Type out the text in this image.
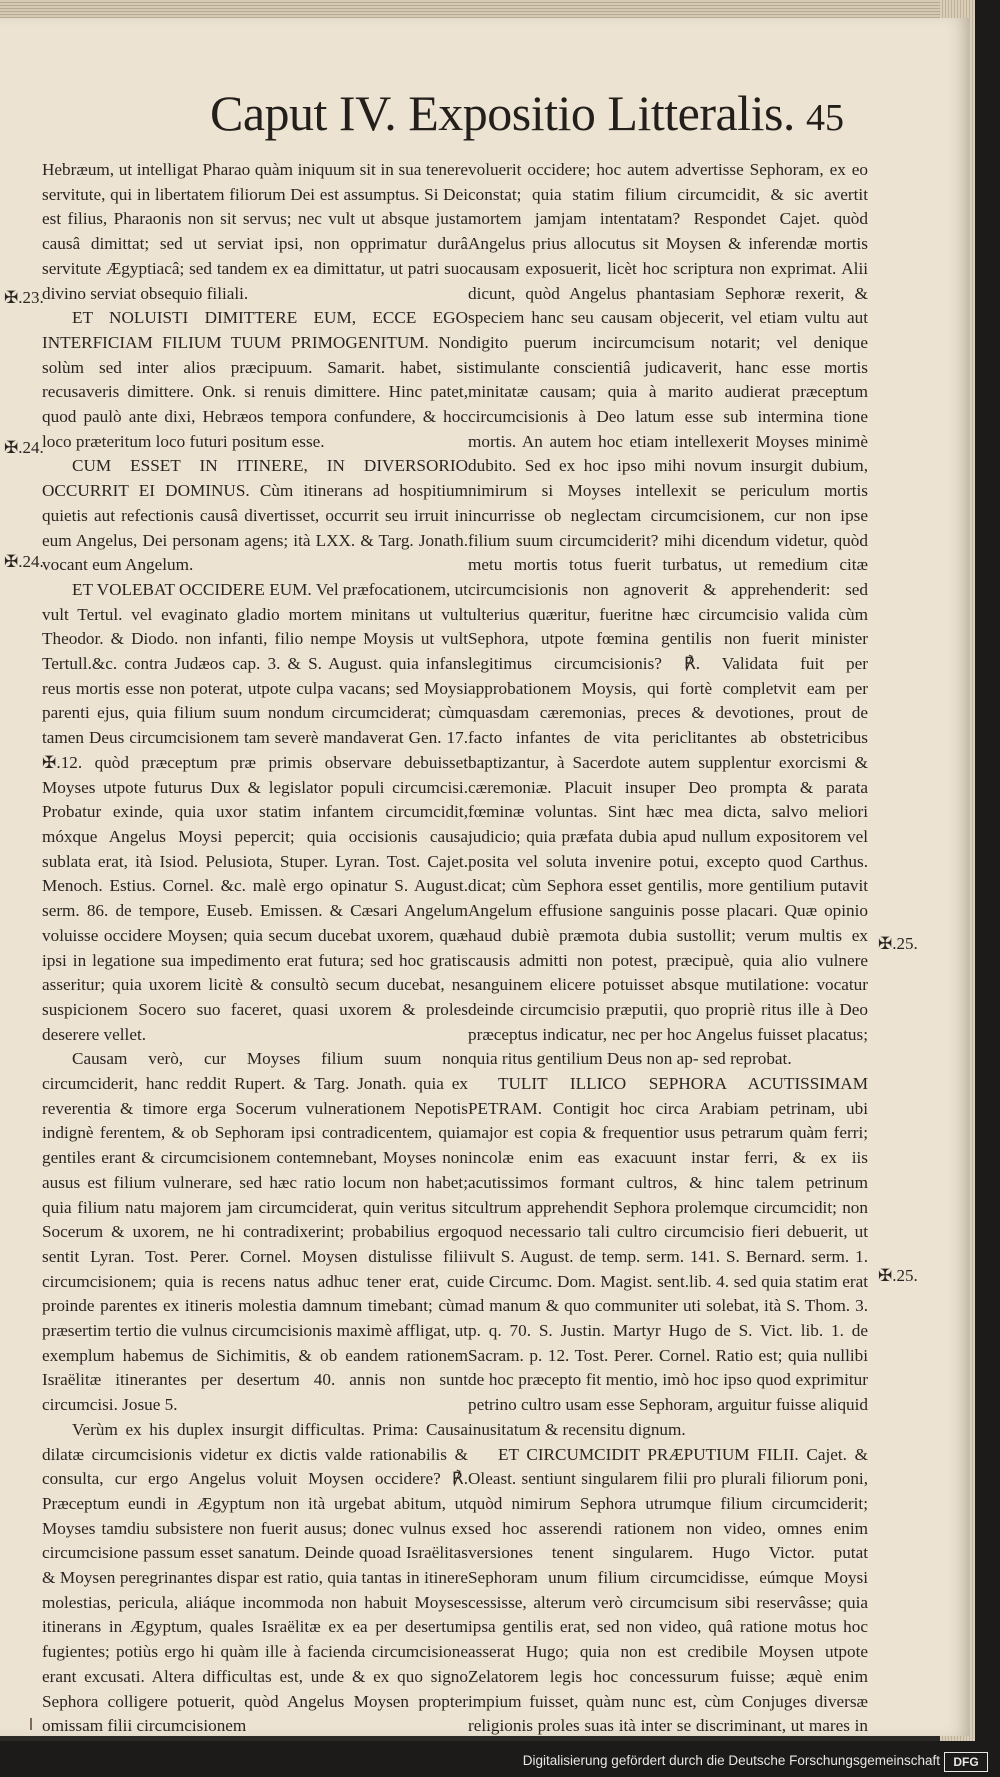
Caput IV. Expositio Litteralis. 45

Hebræum, ut intelligat Pharao quàm iniquum sit in sua tenere servitute, qui in libertatem filiorum Dei est assumptus. Si Dei est filius, Pharaonis non sit servus; nec vult ut absque justa causâ dimittat; sed ut serviat ipsi, non opprimatur durâ servitute Ægyptiacâ; sed tandem ex ea dimittatur, ut patri suo divino serviat obsequio filiali.

ET NOLUISTI DIMITTERE EUM, ECCE EGO INTERFICIAM FILIUM TUUM PRIMOGENITUM. Non solùm sed inter alios præcipuum. Samarit. habet, si recusaveris dimittere. Onk. si renuis dimittere. Hinc patet, quod paulò ante dixi, Hebræos tempora confundere, & hoc loco præteritum loco futuri positum esse.

CUM ESSET IN ITINERE, IN DIVERSORIO OCCURRIT EI DOMINUS. Cùm itinerans ad hospitium quietis aut refectionis causâ divertisset, occurrit seu irruit in eum Angelus, Dei personam agens; ità LXX. & Targ. Jonath. vocant eum Angelum.

ET VOLEBAT OCCIDERE EUM. Vel præfocationem, ut vult Tertul. vel evaginato gladio mortem minitans ut vult Theodor. & Diodo. non infanti, filio nempe Moysis ut vult Tertull.&c. contra Judæos cap. 3. & S. August. quia infans reus mortis esse non poterat, utpote culpa vacans; sed Moysi parenti ejus, quia filium suum nondum circumciderat; cùm tamen Deus circumcisionem tam severè mandaverat Gen. 17. ✠.12. quòd præceptum præ primis observare debuisset Moyses utpote futurus Dux & legislator populi circumcisi. Probatur exinde, quia uxor statim infantem circumcidit, móxque Angelus Moysi pepercit; quia occisionis causa sublata erat, ità Isiod. Pelusiota, Stuper. Lyran. Tost. Cajet. Menoch. Estius. Cornel. &c. malè ergo opinatur S. August. serm. 86. de tempore, Euseb. Emissen. & Cæsari Angelum voluisse occidere Moysen; quia secum ducebat uxorem, quæ ipsi in legatione sua impedimento erat futura; sed hoc gratis asseritur; quia uxorem licitè & consultò secum ducebat, ne suspicionem Socero suo faceret, quasi uxorem & proles deserere vellet.

Causam verò, cur Moyses filium suum non circumciderit, hanc reddit Rupert. & Targ. Jonath. quia ex reverentia & timore erga Socerum vulnerationem Nepotis indignè ferentem, & ob Sephoram ipsi contradicentem, quia gentiles erant & circumcisionem contemnebant, Moyses non ausus est filium vulnerare, sed hæc ratio locum non habet; quia filium natu majorem jam circumciderat, quin veritus sit Socerum & uxorem, ne hi contradixerint; probabilius ergo sentit Lyran. Tost. Perer. Cornel. Moysen distulisse filii circumcisionem; quia is recens natus adhuc tener erat, cui proinde parentes ex itineris molestia damnum timebant; cùm præsertim tertio die vulnus circumcisionis maximè affligat, ut exemplum habemus de Sichimitis, & ob eandem rationem Israëlitæ itinerantes per desertum 40. annis non sunt circumcisi. Josue 5.

Verùm ex his duplex insurgit difficultas. Prima: Causa dilatæ circumcisionis videtur ex dictis valde rationabilis & consulta, cur ergo Angelus voluit Moysen occidere? ℟. Præceptum eundi in Ægyptum non ità urgebat abitum, ut Moyses tamdiu subsistere non fuerit ausus; donec vulnus ex circumcisione passum esset sanatum. Deinde quoad Israëlitas & Moysen peregrinantes dispar est ratio, quia tantas in itinere molestias, pericula, aliáque incommoda non habuit Moyses itinerans in Ægyptum, quales Israëlitæ ex ea per desertum fugientes; potiùs ergo hi quàm ille à facienda circumcisione erant excusati. Altera difficultas est, unde & ex quo signo Sephora colligere potuerit, quòd Angelus Moysen propter omissam filii circumcisionem

voluerit occidere; hoc autem advertisse Sephoram, ex eo constat; quia statim filium circumcidit, & sic avertit mortem jamjam intentatam? Respondet Cajet. quòd Angelus prius allocutus sit Moysen & inferendæ mortis causam exposuerit, licèt hoc scriptura non exprimat. Alii dicunt, quòd Angelus phantasiam Sephoræ rexerit, & speciem hanc seu causam objecerit, vel etiam vultu aut digito puerum incircumcisum notarit; vel denique stimulante conscientiâ judicaverit, hanc esse mortis minitatæ causam; quia à marito audierat præceptum circumcisionis à Deo latum esse sub intermina tione mortis. An autem hoc etiam intellexerit Moyses minimè dubito. Sed ex hoc ipso mihi novum insurgit dubium, nimirum si Moyses intellexit se periculum mortis incurrisse ob neglectam circumcisionem, cur non ipse filium suum circumciderit? mihi dicendum videtur, quòd metu mortis totus fuerit turbatus, ut remedium citæ circumcisionis non agnoverit & apprehenderit: sed ulterius quæritur, fueritne hæc circumcisio valida cùm Sephora, utpote fœmina gentilis non fuerit minister legitimus circumcisionis? ℟. Validata fuit per approbationem Moysis, qui fortè completvit eam per quasdam cæremonias, preces & devotiones, prout de facto infantes de vita periclitantes ab obstetricibus baptizantur, à Sacerdote autem supplentur exorcismi & cæremoniæ. Placuit insuper Deo prompta & parata fœminæ voluntas. Sint hæc mea dicta, salvo meliori judicio; quia præfata dubia apud nullum expositorem vel posita vel soluta invenire potui, excepto quod Carthus. dicat; cùm Sephora esset gentilis, more gentilium putavit Angelum effusione sanguinis posse placari. Quæ opinio haud dubiè præmota dubia sustollit; verum multis ex causis admitti non potest, præcipuè, quia alio vulnere sanguinem elicere potuisset absque mutilatione: vocatur deinde circumcisio præputii, quo propriè ritus ille à Deo præceptus indicatur, nec per hoc Angelus fuisset placatus; quia ritus gentilium Deus non ap- sed reprobat.

TULIT ILLICO SEPHORA ACUTISSIMAM PETRAM. Contigit hoc circa Arabiam petrinam, ubi major est copia & frequentior usus petrarum quàm ferri; incolæ enim eas exacuunt instar ferri, & ex iis acutissimos formant cultros, & hinc talem petrinum cultrum apprehendit Sephora prolemque circumcidit; non quod necessario tali cultro circumcisio fieri debuerit, ut vult S. August. de temp. serm. 141. S. Bernard. serm. 1. de Circumc. Dom. Magist. sent.lib. 4. sed quia statim erat ad manum & quo communiter uti solebat, ità S. Thom. 3. p. q. 70. S. Justin. Martyr Hugo de S. Vict. lib. 1. de Sacram. p. 12. Tost. Perer. Cornel. Ratio est; quia nullibi de hoc præcepto fit mentio, imò hoc ipso quod exprimitur petrino cultro usam esse Sephoram, arguitur fuisse aliquid inusitatum & recensitu dignum.

ET CIRCUMCIDIT PRÆPUTIUM FILII. Cajet. & Oleast. sentiunt singularem filii pro plurali filiorum poni, quòd nimirum Sephora utrumque filium circumciderit; sed hoc asserendi rationem non video, omnes enim versiones tenent singularem. Hugo Victor. putat Sephoram unum filium circumcidisse, eúmque Moysi cessisse, alterum verò circumcisum sibi reservâsse; quia ipsa gentilis erat, sed non video, quâ ratione motus hoc asserat Hugo; quia non est credibile Moysen utpote Zelatorem legis hoc concessurum fuisse; æquè enim impium fuisset, quàm nunc est, cùm Conjuges diversæ religionis proles suas ità inter se discriminant, ut mares in

✠.23.
✠.24.
✠.24.
✠.25.
✠.25.
Digitalisierung gefördert durch die Deutsche Forschungsgemeinschaft	DFG
